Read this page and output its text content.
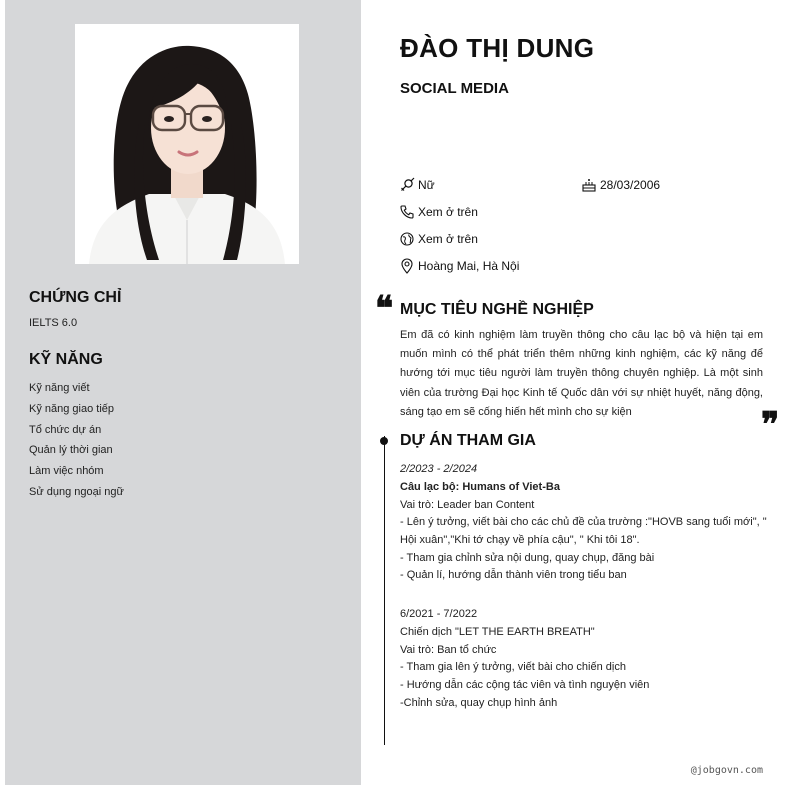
CHỨNG CHỈ
IELTS 6.0
KỸ NĂNG
Kỹ năng viết
Kỹ năng giao tiếp
Tổ chức dự án
Quản lý thời gian
Làm việc nhóm
Sử dụng ngoại ngữ
ĐÀO THỊ DUNG
SOCIAL MEDIA
Nữ	28/03/2006
Xem ở trên
Xem ở trên
Hoàng Mai, Hà Nội
❝ MỤC TIÊU NGHỀ NGHIỆP

Em đã có kinh nghiệm làm truyền thông cho câu lạc bộ và hiện tại em muốn mình có thể phát triển thêm những kinh nghiệm, các kỹ năng để hướng tới mục tiêu người làm truyền thông chuyên nghiệp. Là một sinh viên của trường Đại học Kinh tế Quốc dân với sự nhiệt huyết, năng động, sáng tạo em sẽ cống hiến hết mình cho sự kiện	❞
DỰ ÁN THAM GIA
2/2023 - 2/2024
Câu lạc bộ: Humans of Viet-Ba
Vai trò: Leader ban Content
- Lên ý tưởng, viết bài cho các chủ đề của trường :"HOVB sang tuổi mới", " Hội xuân","Khi tớ chạy về phía cậu", " Khi tôi 18".
- Tham gia chỉnh sửa nội dung, quay chụp, đăng bài
- Quản lí, hướng dẫn thành viên trong tiểu ban
6/2021 - 7/2022
Chiến dịch "LET THE EARTH BREATH"
Vai trò: Ban tổ chức
- Tham gia lên ý tưởng, viết bài cho chiến dịch
- Hướng dẫn các cộng tác viên và tình nguyện viên
-Chỉnh sửa, quay chụp hình ảnh
@jobgovn.com
